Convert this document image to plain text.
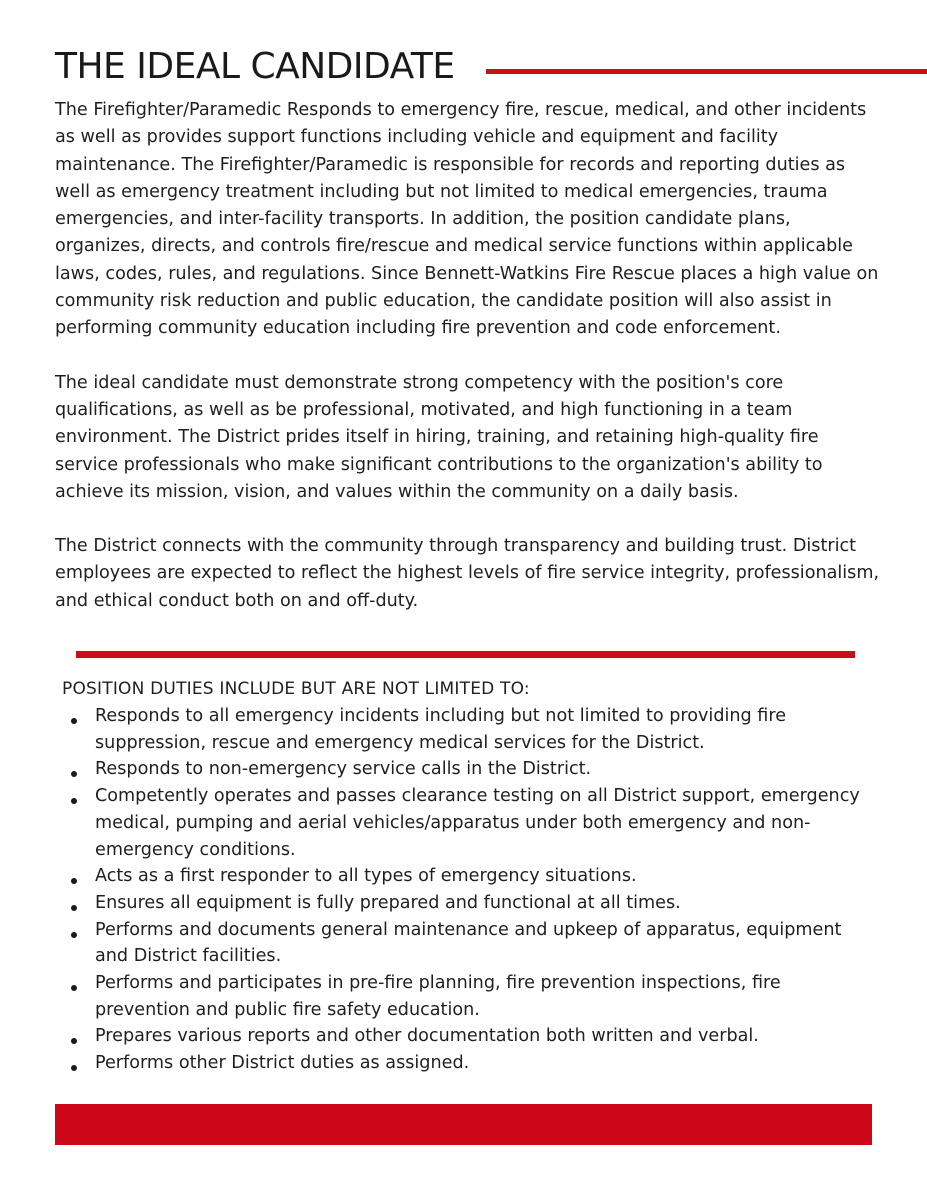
THE IDEAL CANDIDATE

The Firefighter/Paramedic Responds to emergency fire, rescue, medical, and other incidents as well as provides support functions including vehicle and equipment and facility maintenance. The Firefighter/Paramedic is responsible for records and reporting duties as well as emergency treatment including but not limited to medical emergencies, trauma emergencies, and inter-facility transports. In addition, the position candidate plans, organizes, directs, and controls fire/rescue and medical service functions within applicable laws, codes, rules, and regulations. Since Bennett-Watkins Fire Rescue places a high value on community risk reduction and public education, the candidate position will also assist in performing community education including fire prevention and code enforcement.

The ideal candidate must demonstrate strong competency with the position's core qualifications, as well as be professional, motivated, and high functioning in a team environment. The District prides itself in hiring, training, and retaining high-quality fire service professionals who make significant contributions to the organization's ability to achieve its mission, vision, and values within the community on a daily basis.

The District connects with the community through transparency and building trust. District employees are expected to reflect the highest levels of fire service integrity, professionalism, and ethical conduct both on and off-duty.

POSITION DUTIES INCLUDE BUT ARE NOT LIMITED TO:

Responds to all emergency incidents including but not limited to providing fire suppression, rescue and emergency medical services for the District.
Responds to non-emergency service calls in the District.
Competently operates and passes clearance testing on all District support, emergency medical, pumping and aerial vehicles/apparatus under both emergency and non-emergency conditions.
Acts as a first responder to all types of emergency situations.
Ensures all equipment is fully prepared and functional at all times.
Performs and documents general maintenance and upkeep of apparatus, equipment and District facilities.
Performs and participates in pre-fire planning, fire prevention inspections, fire prevention and public fire safety education.
Prepares various reports and other documentation both written and verbal.
Performs other District duties as assigned.
